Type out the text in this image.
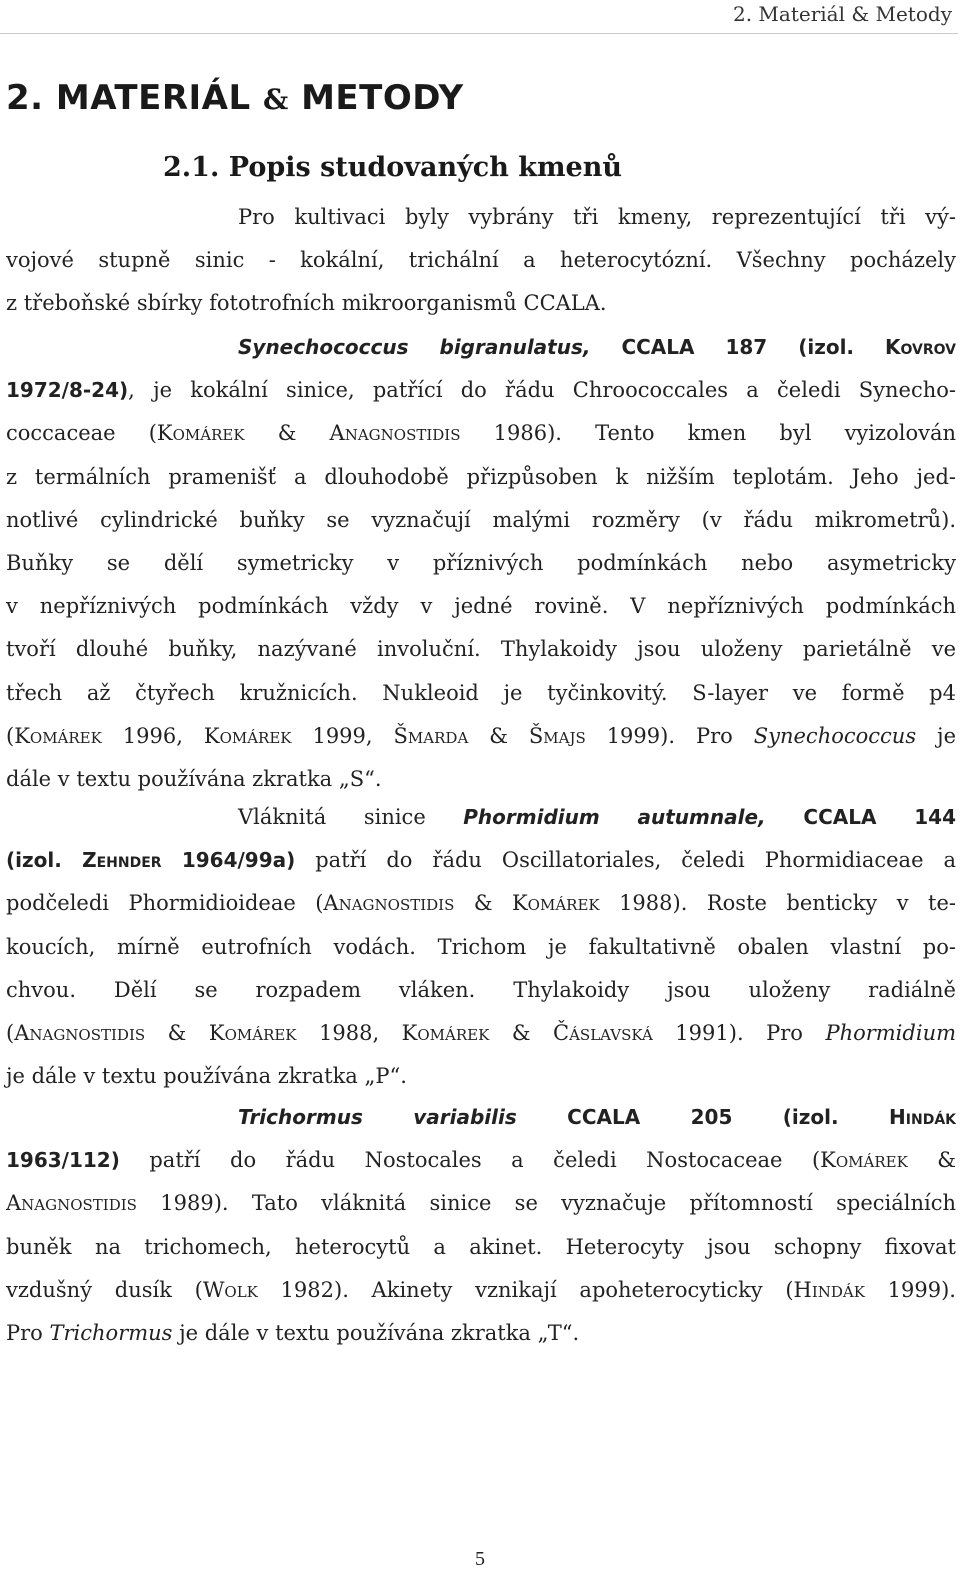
2. Materiál & Metody
2. MATERIÁL & METODY
2.1. Popis studovaných kmenů
Pro kultivaci byly vybrány tři kmeny, reprezentující tři vý-
vojové stupně sinic - kokální, trichální a heterocytózní. Všechny pocházely
z třeboňské sbírky fototrofních mikroorganismů CCALA.
Synechococcus bigranulatus, CCALA 187 (izol. Kovrov
1972/8-24), je kokální sinice, patřící do řádu Chroococcales a čeledi Synecho-
coccaceae (Komárek & Anagnostidis 1986). Tento kmen byl vyizolován
z termálních pramenišť a dlouhodobě přizpůsoben k nižším teplotám. Jeho jed-
notlivé cylindrické buňky se vyznačují malými rozměry (v řádu mikrometrů).
Buňky se dělí symetricky v příznivých podmínkách nebo asymetricky
v nepříznivých podmínkách vždy v jedné rovině. V nepříznivých podmínkách
tvoří dlouhé buňky, nazývané involuční. Thylakoidy jsou uloženy parietálně ve
třech až čtyřech kružnicích. Nukleoid je tyčinkovitý. S-layer ve formě p4
(Komárek 1996, Komárek 1999, Šmarda & Šmajs 1999). Pro Synechococcus je
dále v textu používána zkratka „S“.
Vláknitá sinice Phormidium autumnale, CCALA 144
(izol. Zehnder 1964/99a) patří do řádu Oscillatoriales, čeledi Phormidiaceae a
podčeledi Phormidioideae (Anagnostidis & Komárek 1988). Roste benticky v te-
koucích, mírně eutrofních vodách. Trichom je fakultativně obalen vlastní po-
chvou. Dělí se rozpadem vláken. Thylakoidy jsou uloženy radiálně
(Anagnostidis & Komárek 1988, Komárek & Čáslavská 1991). Pro Phormidium
je dále v textu používána zkratka „P“.
Trichormus variabilis CCALA 205 (izol. Hindák
1963/112) patří do řádu Nostocales a čeledi Nostocaceae (Komárek &
Anagnostidis 1989). Tato vláknitá sinice se vyznačuje přítomností speciálních
buněk na trichomech, heterocytů a akinet. Heterocyty jsou schopny fixovat
vzdušný dusík (Wolk 1982). Akinety vznikají apoheterocyticky (Hindák 1999).
Pro Trichormus je dále v textu používána zkratka „T“.
5
